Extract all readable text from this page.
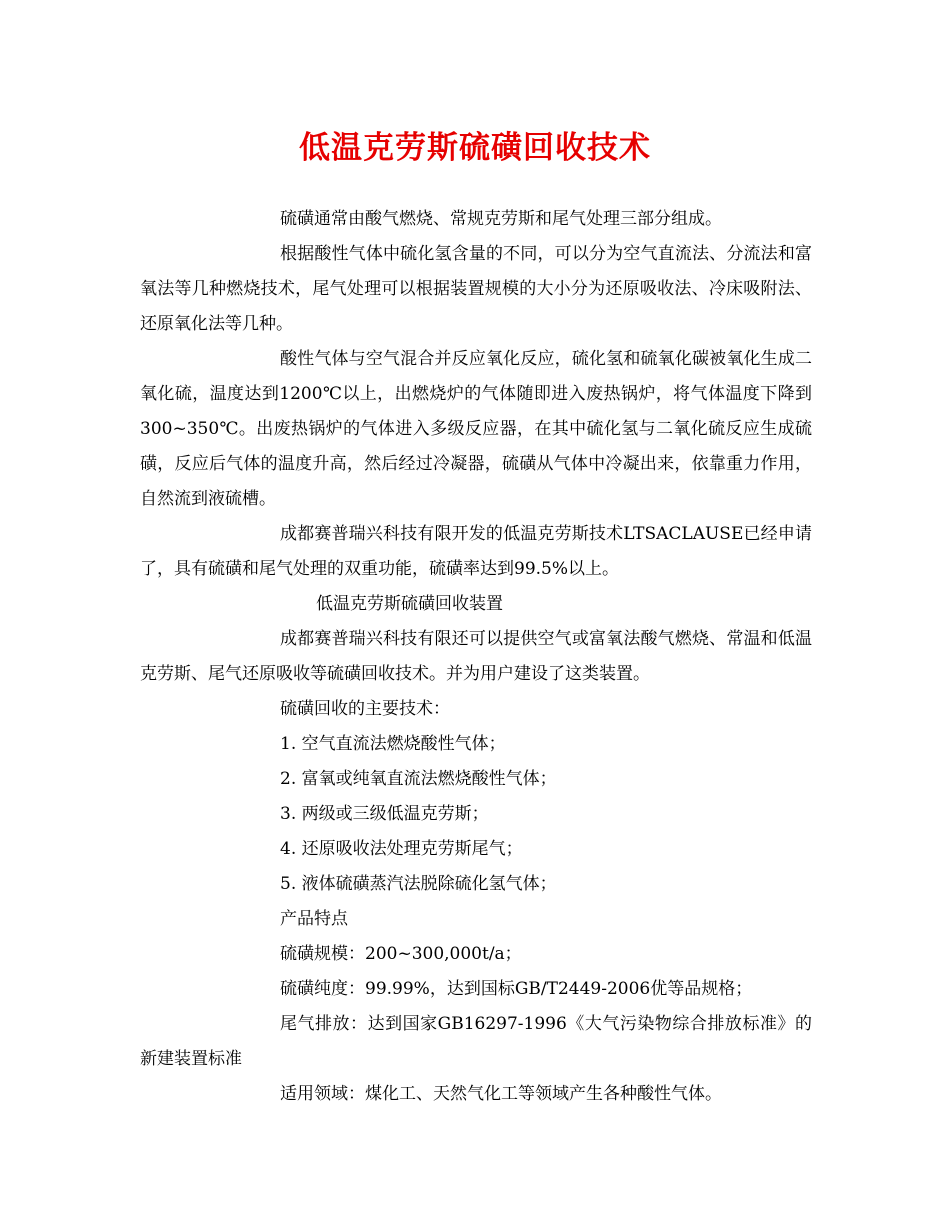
低温克劳斯硫磺回收技术

硫磺通常由酸气燃烧、常规克劳斯和尾气处理三部分组成。

根据酸性气体中硫化氢含量的不同，可以分为空气直流法、分流法和富氧法等几种燃烧技术，尾气处理可以根据装置规模的大小分为还原吸收法、冷床吸附法、还原氧化法等几种。

酸性气体与空气混合并反应氧化反应，硫化氢和硫氧化碳被氧化生成二氧化硫，温度达到1200℃以上，出燃烧炉的气体随即进入废热锅炉，将气体温度下降到 300~350℃。出废热锅炉的气体进入多级反应器，在其中硫化氢与二氧化硫反应生成硫磺，反应后气体的温度升高，然后经过冷凝器，硫磺从气体中冷凝出来，依靠重力作用，自然流到液硫槽。

成都赛普瑞兴科技有限开发的低温克劳斯技术LTSACLAUSE已经申请了，具有硫磺和尾气处理的双重功能，硫磺率达到99.5%以上。

低温克劳斯硫磺回收装置

成都赛普瑞兴科技有限还可以提供空气或富氧法酸气燃烧、常温和低温克劳斯、尾气还原吸收等硫磺回收技术。并为用户建设了这类装置。

硫磺回收的主要技术：

1. 空气直流法燃烧酸性气体；

2. 富氧或纯氧直流法燃烧酸性气体；

3. 两级或三级低温克劳斯；

4. 还原吸收法处理克劳斯尾气；

5. 液体硫磺蒸汽法脱除硫化氢气体；

产品特点

硫磺规模：200~300,000t/a；

硫磺纯度：99.99%，达到国标GB/T2449-2006优等品规格；

尾气排放：达到国家GB16297-1996《大气污染物综合排放标准》的新建装置标准

适用领域：煤化工、天然气化工等领域产生各种酸性气体。
